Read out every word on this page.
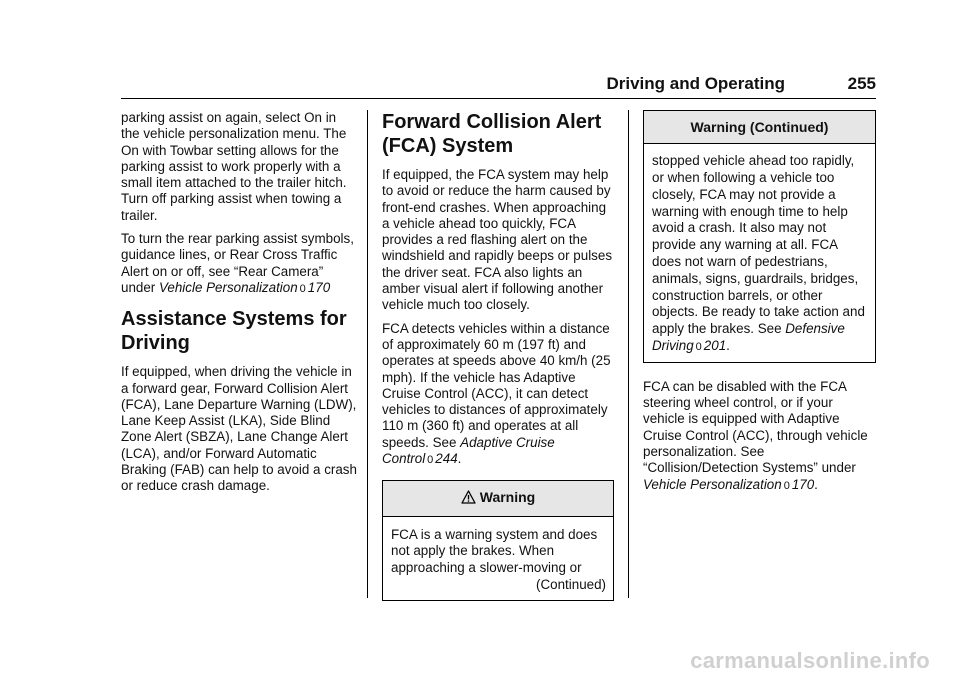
Driving and Operating	255

parking assist on again, select On in the vehicle personalization menu. The On with Towbar setting allows for the parking assist to work properly with a small item attached to the trailer hitch. Turn off parking assist when towing a trailer.

To turn the rear parking assist symbols, guidance lines, or Rear Cross Traffic Alert on or off, see “Rear Camera” under Vehicle Personalization 0 170

Assistance Systems for Driving

If equipped, when driving the vehicle in a forward gear, Forward Collision Alert (FCA), Lane Departure Warning (LDW), Lane Keep Assist (LKA), Side Blind Zone Alert (SBZA), Lane Change Alert (LCA), and/or Forward Automatic Braking (FAB) can help to avoid a crash or reduce crash damage.

Forward Collision Alert (FCA) System

If equipped, the FCA system may help to avoid or reduce the harm caused by front-end crashes. When approaching a vehicle ahead too quickly, FCA provides a red flashing alert on the windshield and rapidly beeps or pulses the driver seat. FCA also lights an amber visual alert if following another vehicle much too closely.

FCA detects vehicles within a distance of approximately 60 m (197 ft) and operates at speeds above 40 km/h (25 mph). If the vehicle has Adaptive Cruise Control (ACC), it can detect vehicles to distances of approximately 110 m (360 ft) and operates at all speeds. See Adaptive Cruise Control 0 244.

Warning
FCA is a warning system and does not apply the brakes. When approaching a slower-moving or
(Continued)
Warning (Continued)
stopped vehicle ahead too rapidly, or when following a vehicle too closely, FCA may not provide a warning with enough time to help avoid a crash. It also may not provide any warning at all. FCA does not warn of pedestrians, animals, signs, guardrails, bridges, construction barrels, or other objects. Be ready to take action and apply the brakes. See Defensive Driving 0 201.

FCA can be disabled with the FCA steering wheel control, or if your vehicle is equipped with Adaptive Cruise Control (ACC), through vehicle personalization. See “Collision/Detection Systems” under Vehicle Personalization 0 170.

carmanualsonline.info
